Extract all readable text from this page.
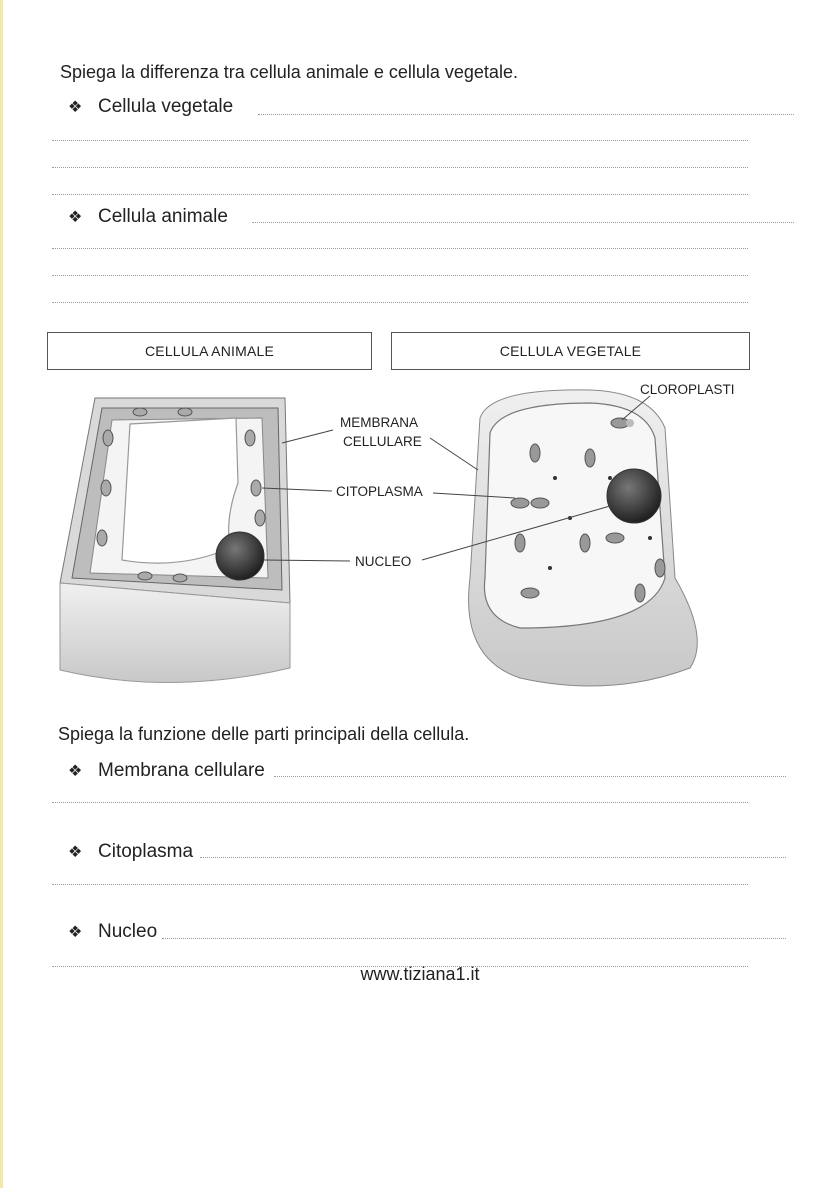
Spiega la differenza tra cellula animale e cellula vegetale.
❖ Cellula vegetale
❖ Cellula animale
CELLULA ANIMALE	CELLULA VEGETALE
CLOROPLASTI
MEMBRANA
CELLULARE
CITOPLASMA
NUCLEO
Spiega la funzione delle parti principali della cellula.
❖ Membrana cellulare
❖ Citoplasma
❖ Nucleo
www.tiziana1.it
